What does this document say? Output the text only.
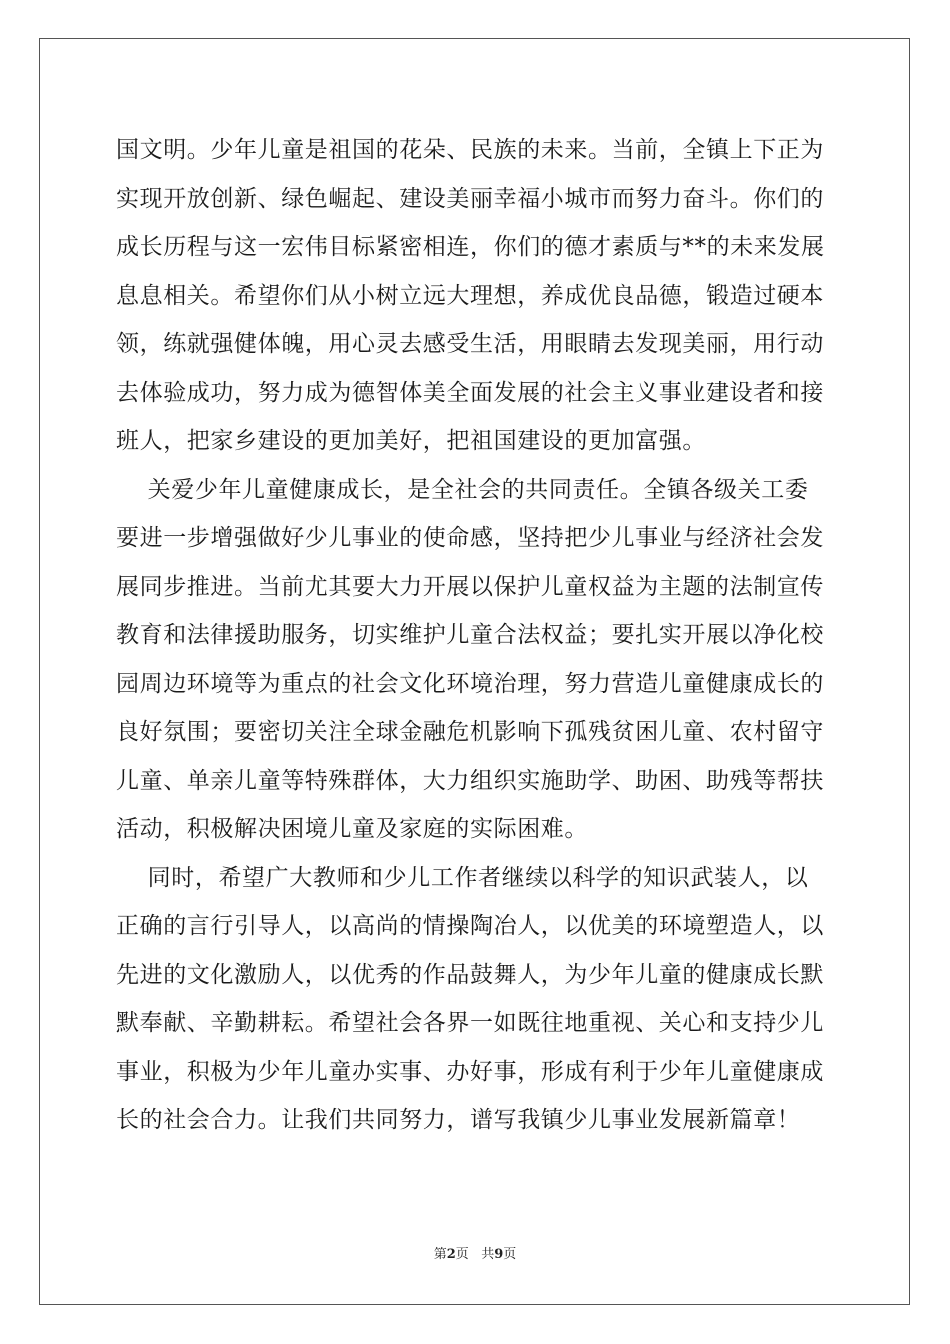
国文明。少年儿童是祖国的花朵、民族的未来。当前，全镇上下正为
实现开放创新、绿色崛起、建设美丽幸福小城市而努力奋斗。你们的
成长历程与这一宏伟目标紧密相连，你们的德才素质与**的未来发展
息息相关。希望你们从小树立远大理想，养成优良品德，锻造过硬本
领，练就强健体魄，用心灵去感受生活，用眼睛去发现美丽，用行动
去体验成功，努力成为德智体美全面发展的社会主义事业建设者和接
班人，把家乡建设的更加美好，把祖国建设的更加富强。

关爱少年儿童健康成长，是全社会的共同责任。全镇各级关工委
要进一步增强做好少儿事业的使命感，坚持把少儿事业与经济社会发
展同步推进。当前尤其要大力开展以保护儿童权益为主题的法制宣传
教育和法律援助服务，切实维护儿童合法权益；要扎实开展以净化校
园周边环境等为重点的社会文化环境治理，努力营造儿童健康成长的
良好氛围；要密切关注全球金融危机影响下孤残贫困儿童、农村留守
儿童、单亲儿童等特殊群体，大力组织实施助学、助困、助残等帮扶
活动，积极解决困境儿童及家庭的实际困难。

同时，希望广大教师和少儿工作者继续以科学的知识武装人，以
正确的言行引导人，以高尚的情操陶冶人，以优美的环境塑造人，以
先进的文化激励人，以优秀的作品鼓舞人，为少年儿童的健康成长默
默奉献、辛勤耕耘。希望社会各界一如既往地重视、关心和支持少儿
事业，积极为少年儿童办实事、办好事，形成有利于少年儿童健康成
长的社会合力。让我们共同努力，谱写我镇少儿事业发展新篇章！

第2页 共9页
